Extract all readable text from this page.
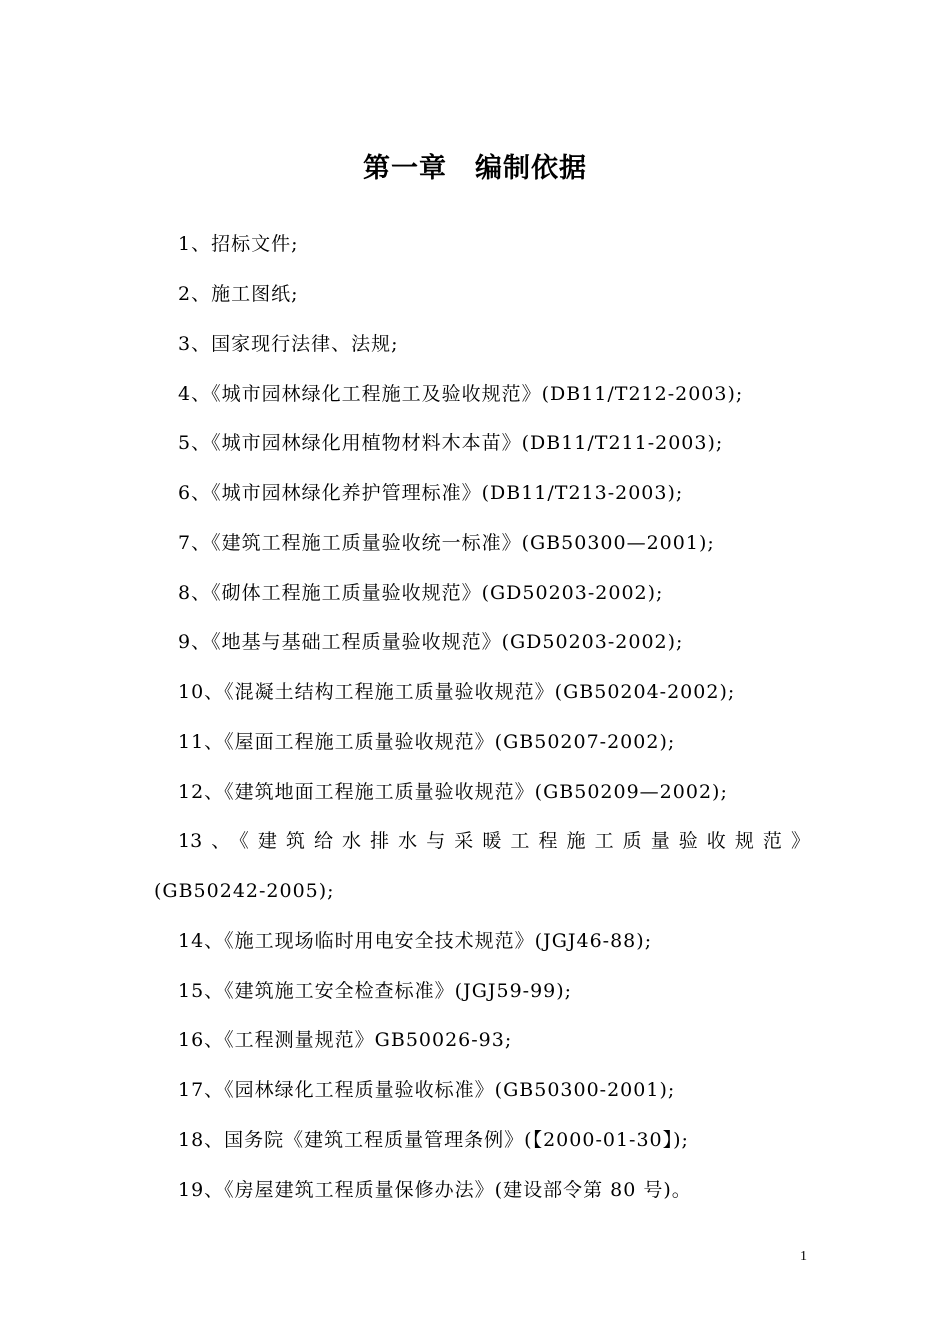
第一章　编制依据
1、招标文件;
2、施工图纸;
3、国家现行法律、法规;
4、《城市园林绿化工程施工及验收规范》(DB11/T212-2003);
5、《城市园林绿化用植物材料木本苗》(DB11/T211-2003);
6、《城市园林绿化养护管理标准》(DB11/T213-2003);
7、《建筑工程施工质量验收统一标准》(GB50300—2001);
8、《砌体工程施工质量验收规范》(GD50203-2002);
9、《地基与基础工程质量验收规范》(GD50203-2002);
10、《混凝土结构工程施工质量验收规范》(GB50204-2002);
11、《屋面工程施工质量验收规范》(GB50207-2002);
12、《建筑地面工程施工质量验收规范》(GB50209—2002);
13、《建筑给水排水与采暖工程施工质量验收规范》
(GB50242-2005);
14、《施工现场临时用电安全技术规范》(JGJ46-88);
15、《建筑施工安全检查标准》(JGJ59-99);
16、《工程测量规范》GB50026-93;
17、《园林绿化工程质量验收标准》(GB50300-2001);
18、国务院《建筑工程质量管理条例》(【2000-01-30】);
19、《房屋建筑工程质量保修办法》(建设部令第 80 号)。
1
